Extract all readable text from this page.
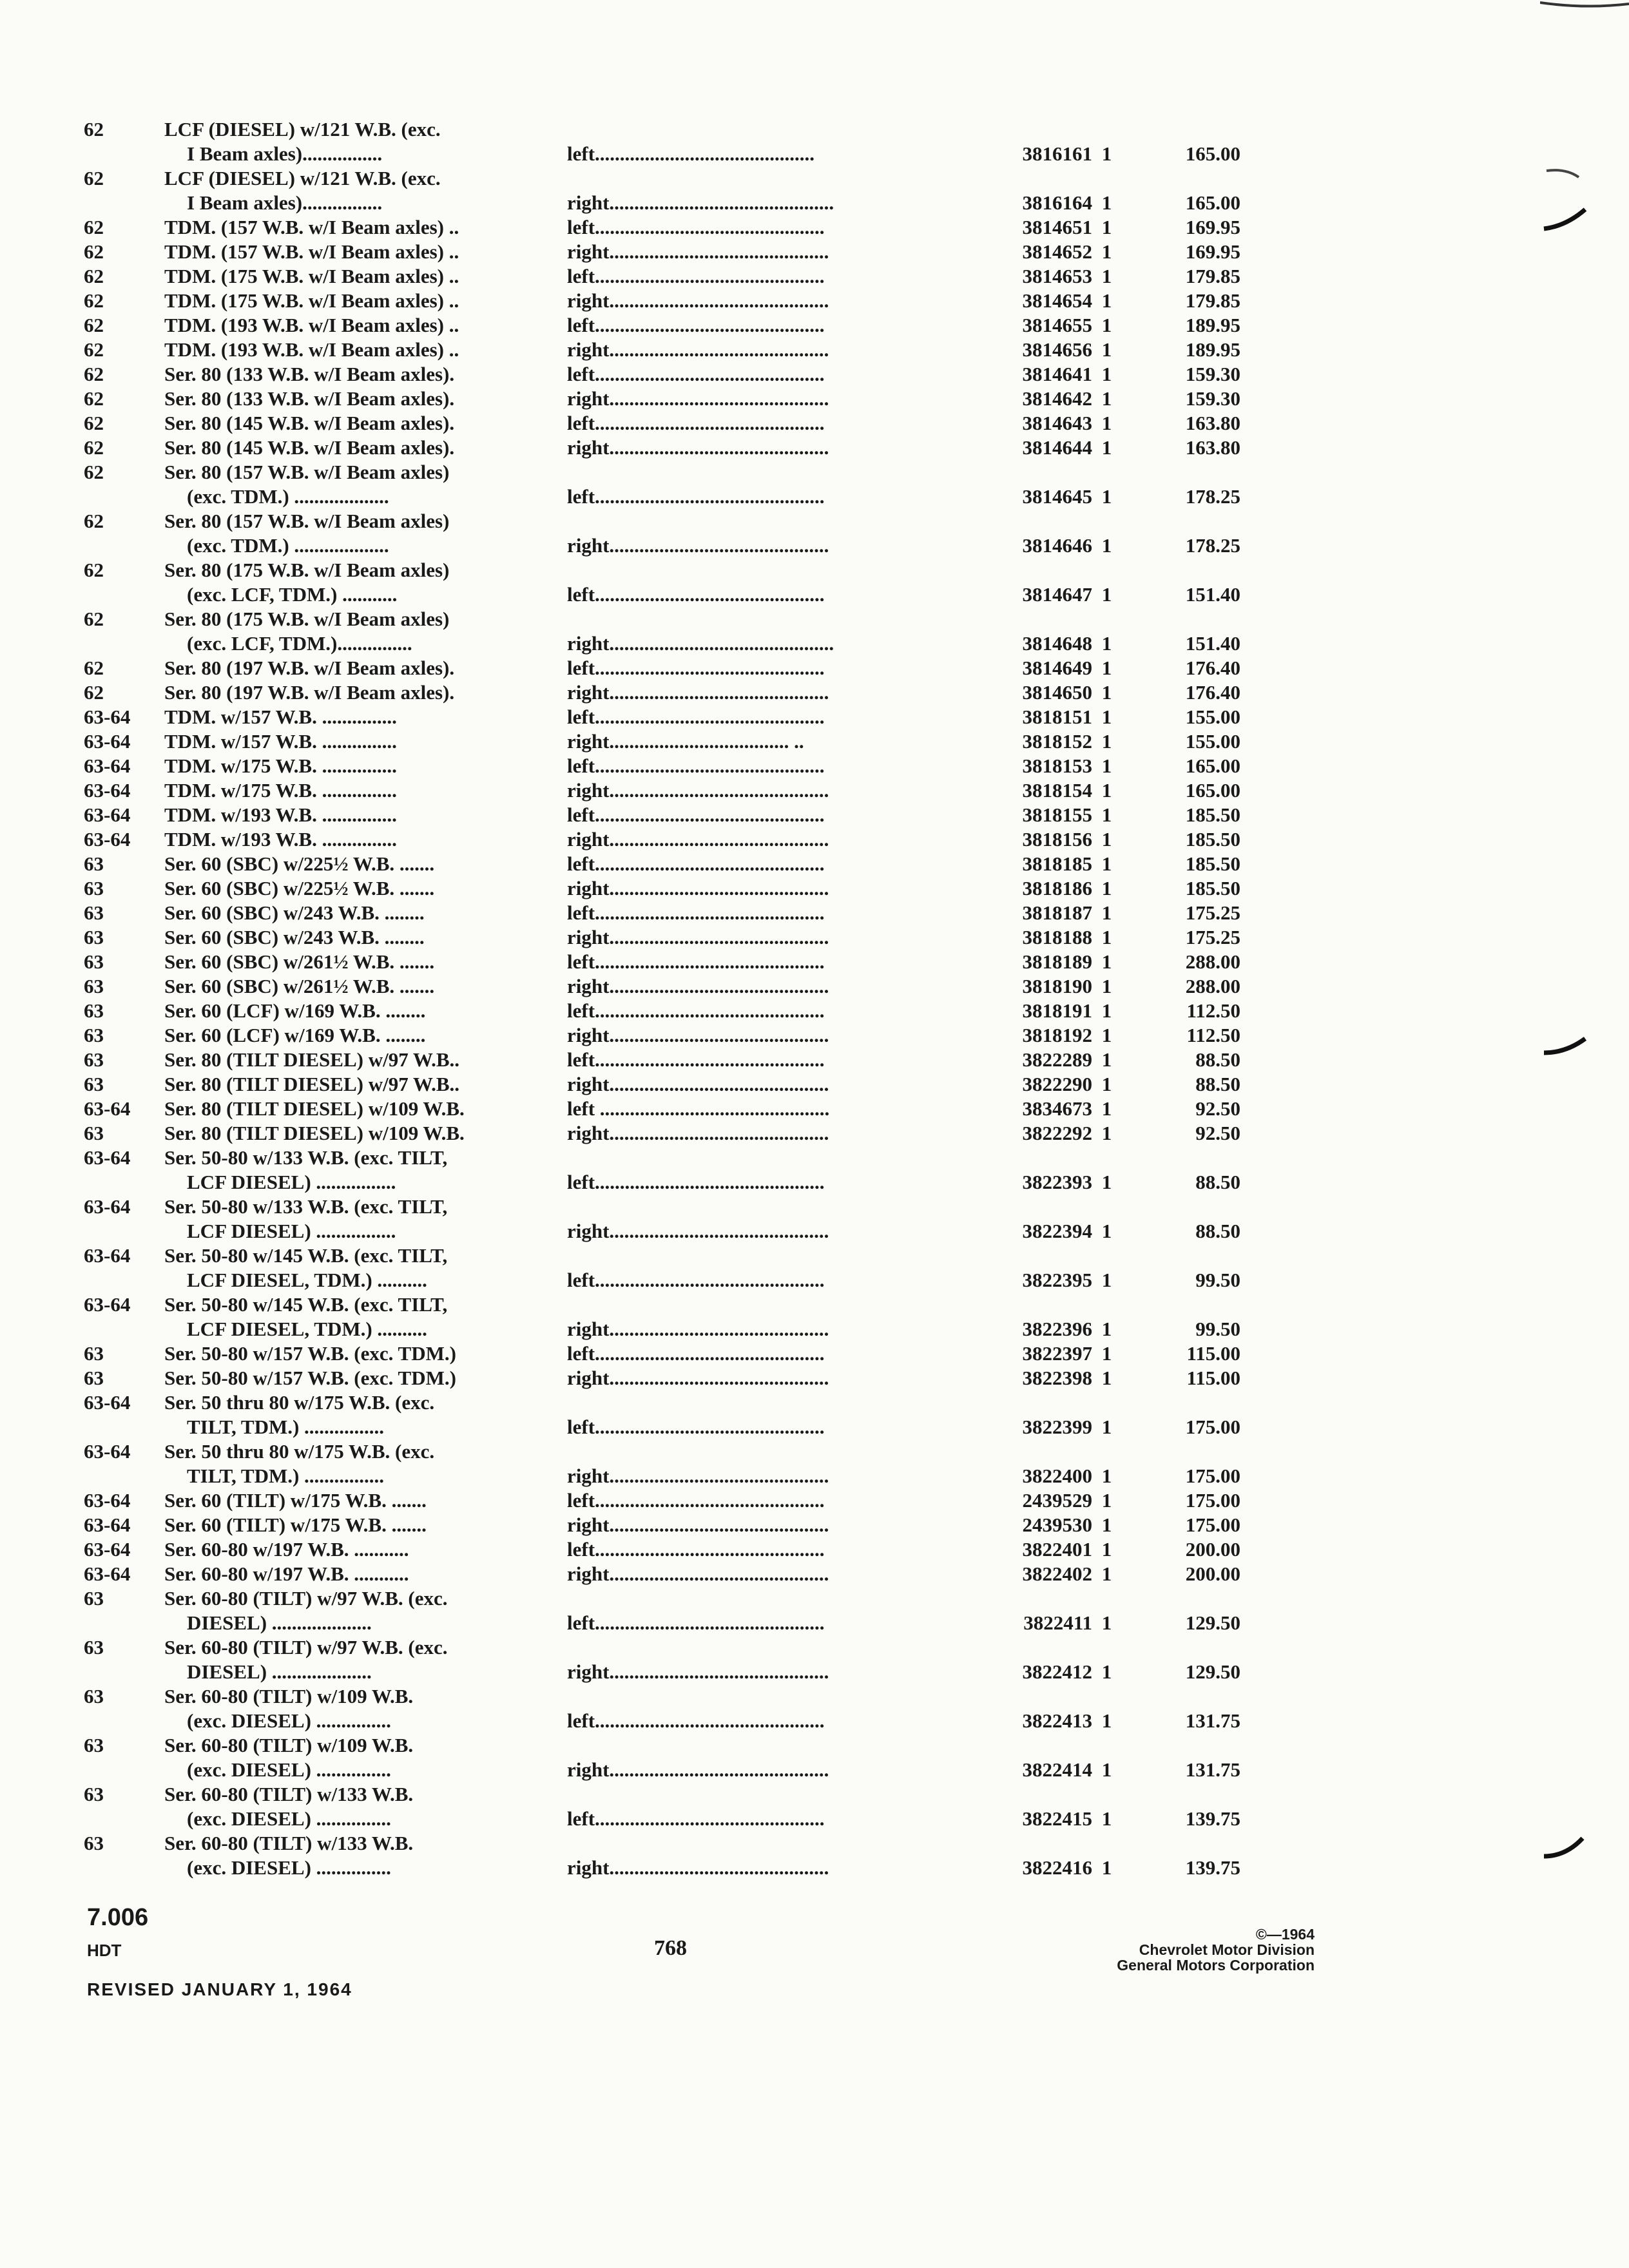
62	LCF (DIESEL) w/121 W.B. (exc.
I Beam axles)................	left............................................	3816161 1	165.00
62	LCF (DIESEL) w/121 W.B. (exc.
I Beam axles)................	right.............................................	3816164 1	165.00
62	TDM. (157 W.B. w/I Beam axles) ..	left..............................................	3814651 1	169.95
62	TDM. (157 W.B. w/I Beam axles) ..	right............................................	3814652 1	169.95
62	TDM. (175 W.B. w/I Beam axles) ..	left..............................................	3814653 1	179.85
62	TDM. (175 W.B. w/I Beam axles) ..	right............................................	3814654 1	179.85
62	TDM. (193 W.B. w/I Beam axles) ..	left..............................................	3814655 1	189.95
62	TDM. (193 W.B. w/I Beam axles) ..	right............................................	3814656 1	189.95
62	Ser. 80 (133 W.B. w/I Beam axles).	left..............................................	3814641 1	159.30
62	Ser. 80 (133 W.B. w/I Beam axles).	right............................................	3814642 1	159.30
62	Ser. 80 (145 W.B. w/I Beam axles).	left..............................................	3814643 1	163.80
62	Ser. 80 (145 W.B. w/I Beam axles).	right............................................	3814644 1	163.80
62	Ser. 80 (157 W.B. w/I Beam axles)
(exc. TDM.) ...................	left..............................................	3814645 1	178.25
62	Ser. 80 (157 W.B. w/I Beam axles)
(exc. TDM.) ...................	right............................................	3814646 1	178.25
62	Ser. 80 (175 W.B. w/I Beam axles)
(exc. LCF, TDM.) ...........	left..............................................	3814647 1	151.40
62	Ser. 80 (175 W.B. w/I Beam axles)
(exc. LCF, TDM.)...............	right.............................................	3814648 1	151.40
62	Ser. 80 (197 W.B. w/I Beam axles).	left..............................................	3814649 1	176.40
62	Ser. 80 (197 W.B. w/I Beam axles).	right............................................	3814650 1	176.40
63-64	TDM. w/157 W.B. ...............	left..............................................	3818151 1	155.00
63-64	TDM. w/157 W.B. ...............	right.................................... ..	3818152 1	155.00
63-64	TDM. w/175 W.B. ...............	left..............................................	3818153 1	165.00
63-64	TDM. w/175 W.B. ...............	right............................................	3818154 1	165.00
63-64	TDM. w/193 W.B. ...............	left..............................................	3818155 1	185.50
63-64	TDM. w/193 W.B. ...............	right............................................	3818156 1	185.50
63	Ser. 60 (SBC) w/225½ W.B. .......	left..............................................	3818185 1	185.50
63	Ser. 60 (SBC) w/225½ W.B. .......	right............................................	3818186 1	185.50
63	Ser. 60 (SBC) w/243 W.B. ........	left..............................................	3818187 1	175.25
63	Ser. 60 (SBC) w/243 W.B. ........	right............................................	3818188 1	175.25
63	Ser. 60 (SBC) w/261½ W.B. .......	left..............................................	3818189 1	288.00
63	Ser. 60 (SBC) w/261½ W.B. .......	right............................................	3818190 1	288.00
63	Ser. 60 (LCF) w/169 W.B. ........	left..............................................	3818191 1	112.50
63	Ser. 60 (LCF) w/169 W.B. ........	right............................................	3818192 1	112.50
63	Ser. 80 (TILT DIESEL) w/97 W.B..	left..............................................	3822289 1	88.50
63	Ser. 80 (TILT DIESEL) w/97 W.B..	right............................................	3822290 1	88.50
63-64	Ser. 80 (TILT DIESEL) w/109 W.B.	left ..............................................	3834673 1	92.50
63	Ser. 80 (TILT DIESEL) w/109 W.B.	right............................................	3822292 1	92.50
63-64	Ser. 50-80 w/133 W.B. (exc. TILT,
LCF DIESEL) ................	left..............................................	3822393 1	88.50
63-64	Ser. 50-80 w/133 W.B. (exc. TILT,
LCF DIESEL) ................	right............................................	3822394 1	88.50
63-64	Ser. 50-80 w/145 W.B. (exc. TILT,
LCF DIESEL, TDM.) ..........	left..............................................	3822395 1	99.50
63-64	Ser. 50-80 w/145 W.B. (exc. TILT,
LCF DIESEL, TDM.) ..........	right............................................	3822396 1	99.50
63	Ser. 50-80 w/157 W.B. (exc. TDM.)	left..............................................	3822397 1	115.00
63	Ser. 50-80 w/157 W.B. (exc. TDM.)	right............................................	3822398 1	115.00
63-64	Ser. 50 thru 80 w/175 W.B. (exc.
TILT, TDM.) ................	left..............................................	3822399 1	175.00
63-64	Ser. 50 thru 80 w/175 W.B. (exc.
TILT, TDM.) ................	right............................................	3822400 1	175.00
63-64	Ser. 60 (TILT) w/175 W.B. .......	left..............................................	2439529 1	175.00
63-64	Ser. 60 (TILT) w/175 W.B. .......	right............................................	2439530 1	175.00
63-64	Ser. 60-80 w/197 W.B. ...........	left..............................................	3822401 1	200.00
63-64	Ser. 60-80 w/197 W.B. ...........	right............................................	3822402 1	200.00
63	Ser. 60-80 (TILT) w/97 W.B. (exc.
DIESEL) ....................	left..............................................	3822411 1	129.50
63	Ser. 60-80 (TILT) w/97 W.B. (exc.
DIESEL) ....................	right............................................	3822412 1	129.50
63	Ser. 60-80 (TILT) w/109 W.B.
(exc. DIESEL) ...............	left..............................................	3822413 1	131.75
63	Ser. 60-80 (TILT) w/109 W.B.
(exc. DIESEL) ...............	right............................................	3822414 1	131.75
63	Ser. 60-80 (TILT) w/133 W.B.
(exc. DIESEL) ...............	left..............................................	3822415 1	139.75
63	Ser. 60-80 (TILT) w/133 W.B.
(exc. DIESEL) ...............	right............................................	3822416 1	139.75
7.006
HDT
REVISED JANUARY 1, 1964
768
©—1964
Chevrolet Motor Division
General Motors Corporation
